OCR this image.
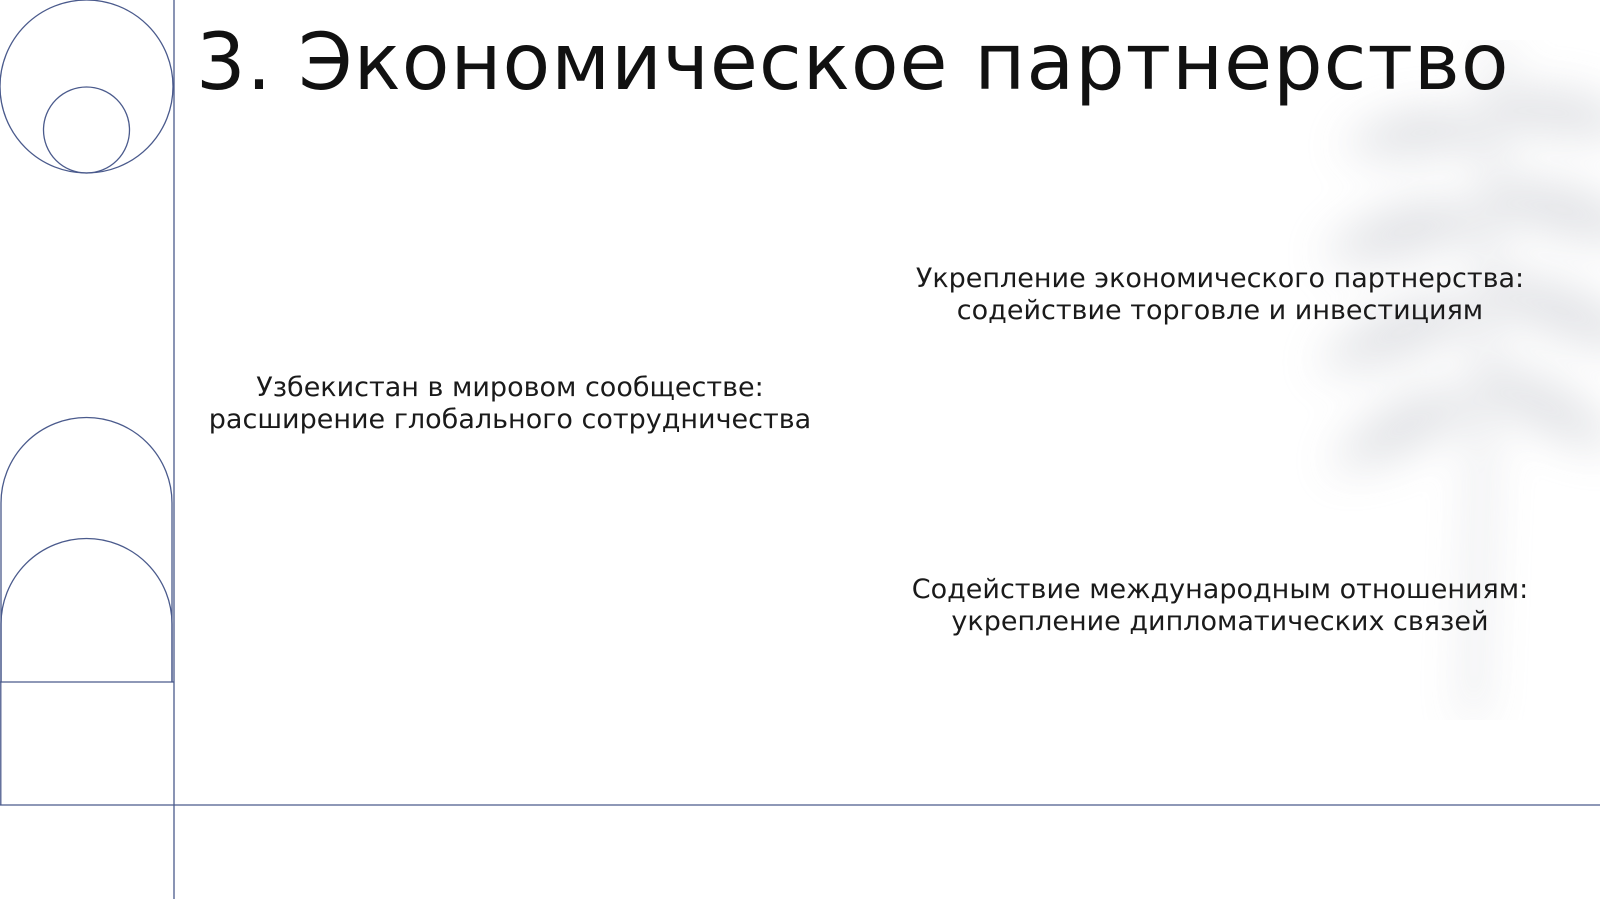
3. Экономическое партнерство
Узбекистан в мировом сообществе:
расширение глобального сотрудничества
Укрепление экономического партнерства:
содействие торговле и инвестициям
Содействие международным отношениям:
укрепление дипломатических связей
